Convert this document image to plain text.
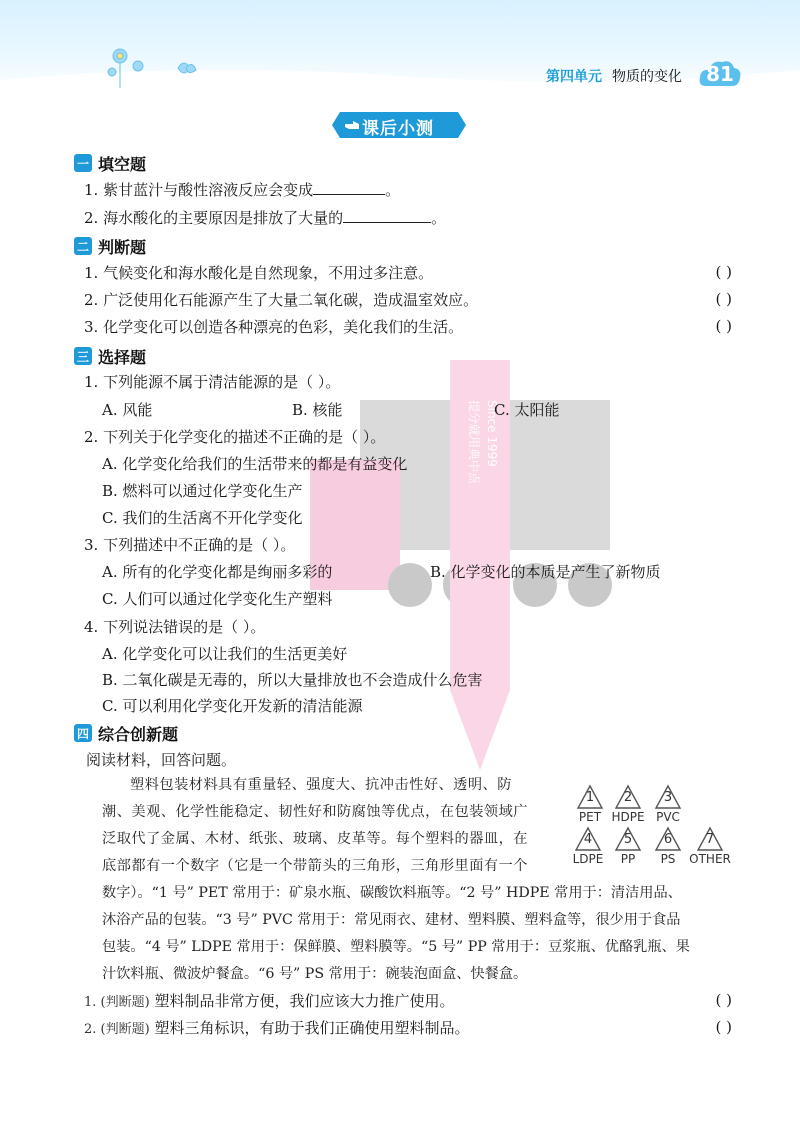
第四单元 物质的变化	81
课后小测
Since 1999
提分就用典中点
一 填空题
1. 紫甘蓝汁与酸性溶液反应会变成	。
2. 海水酸化的主要原因是排放了大量的	。
二 判断题
1. 气候变化和海水酸化是自然现象，不用过多注意。	( )
2. 广泛使用化石能源产生了大量二氧化碳，造成温室效应。	( )
3. 化学变化可以创造各种漂亮的色彩，美化我们的生活。	( )
三 选择题
1. 下列能源不属于清洁能源的是（ ）。
A. 风能	B. 核能	C. 太阳能
2. 下列关于化学变化的描述不正确的是（ ）。
A. 化学变化给我们的生活带来的都是有益变化
B. 燃料可以通过化学变化生产
C. 我们的生活离不开化学变化
3. 下列描述中不正确的是（ ）。
A. 所有的化学变化都是绚丽多彩的	B. 化学变化的本质是产生了新物质
C. 人们可以通过化学变化生产塑料
4. 下列说法错误的是（ ）。
A. 化学变化可以让我们的生活更美好
B. 二氧化碳是无毒的，所以大量排放也不会造成什么危害
C. 可以利用化学变化开发新的清洁能源
四 综合创新题
阅读材料，回答问题。
塑料包装材料具有重量轻、强度大、抗冲击性好、透明、防
潮、美观、化学性能稳定、韧性好和防腐蚀等优点，在包装领域广
泛取代了金属、木材、纸张、玻璃、皮革等。每个塑料的器皿，在
底部都有一个数字（它是一个带箭头的三角形，三角形里面有一个
数字）。“1 号” PET 常用于：矿泉水瓶、碳酸饮料瓶等。“2 号” HDPE 常用于：清洁用品、
沐浴产品的包装。“3 号” PVC 常用于：常见雨衣、建材、塑料膜、塑料盒等，很少用于食品
包装。“4 号” LDPE 常用于：保鲜膜、塑料膜等。“5 号” PP 常用于：豆浆瓶、优酪乳瓶、果
汁饮料瓶、微波炉餐盒。“6 号” PS 常用于：碗装泡面盒、快餐盒。
1
PET
2
HDPE
3
PVC
4
LDPE
5
PP
6
PS
7
OTHER
1. (判断题) 塑料制品非常方便，我们应该大力推广使用。	( )
2. (判断题) 塑料三角标识，有助于我们正确使用塑料制品。	( )
